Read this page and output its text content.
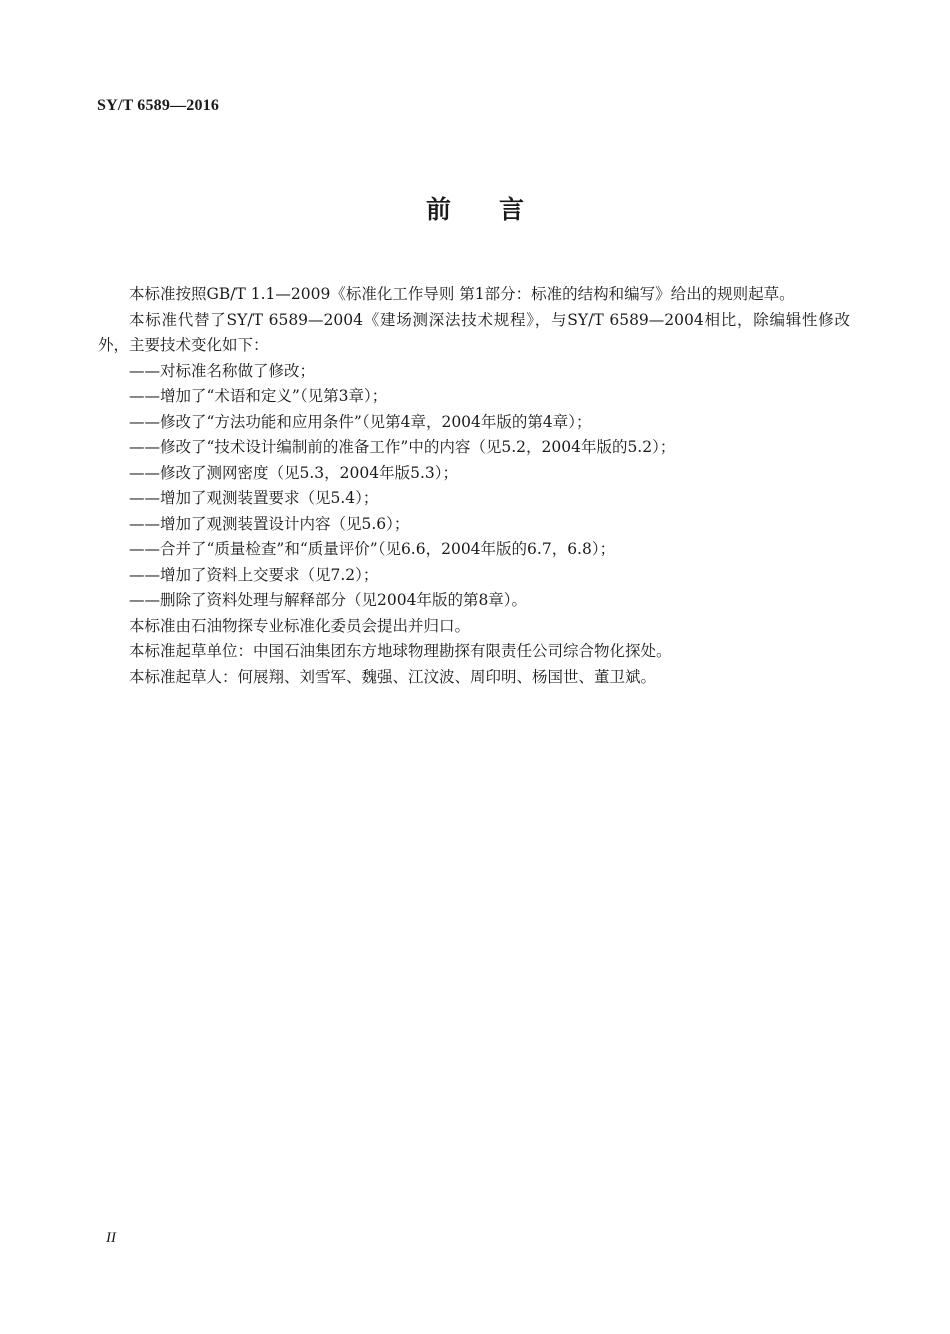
SY/T 6589—2016
前言

本标准按照GB/T 1.1—2009《标准化工作导则 第1部分：标准的结构和编写》给出的规则起草。

本标准代替了SY/T 6589—2004《建场测深法技术规程》，与SY/T 6589—2004相比，除编辑性修改外，主要技术变化如下：

——对标准名称做了修改；

——增加了“术语和定义”（见第3章）；

——修改了“方法功能和应用条件”（见第4章，2004年版的第4章）；

——修改了“技术设计编制前的准备工作”中的内容（见5.2，2004年版的5.2）；

——修改了测网密度（见5.3，2004年版5.3）；

——增加了观测装置要求（见5.4）；

——增加了观测装置设计内容（见5.6）；

——合并了“质量检查”和“质量评价”（见6.6，2004年版的6.7，6.8）；

——增加了资料上交要求（见7.2）；

——删除了资料处理与解释部分（见2004年版的第8章）。

本标准由石油物探专业标准化委员会提出并归口。

本标准起草单位：中国石油集团东方地球物理勘探有限责任公司综合物化探处。

本标准起草人：何展翔、刘雪军、魏强、江汶波、周印明、杨国世、董卫斌。

II
